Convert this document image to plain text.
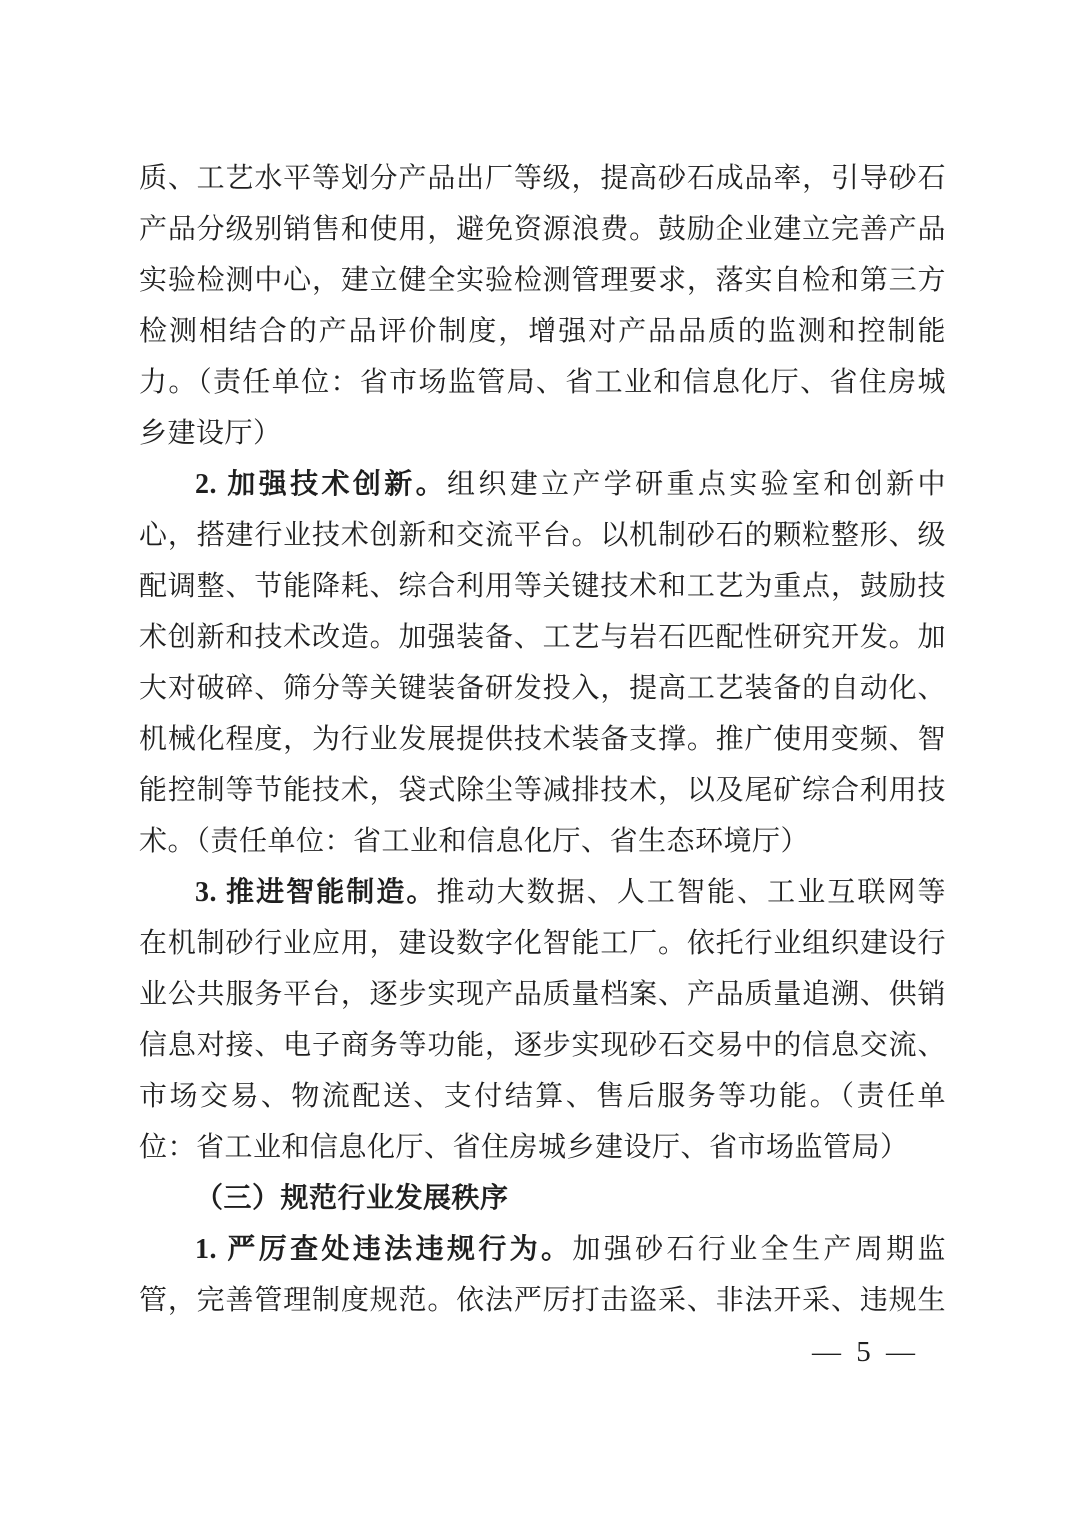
质、工艺水平等划分产品出厂等级，提高砂石成品率，引导砂石
产品分级别销售和使用，避免资源浪费。鼓励企业建立完善产品
实验检测中心，建立健全实验检测管理要求，落实自检和第三方
检测相结合的产品评价制度，增强对产品品质的监测和控制能
力。（责任单位：省市场监管局、省工业和信息化厅、省住房城
乡建设厅）
2. 加强技术创新。组织建立产学研重点实验室和创新中
心，搭建行业技术创新和交流平台。以机制砂石的颗粒整形、级
配调整、节能降耗、综合利用等关键技术和工艺为重点，鼓励技
术创新和技术改造。加强装备、工艺与岩石匹配性研究开发。加
大对破碎、筛分等关键装备研发投入，提高工艺装备的自动化、
机械化程度，为行业发展提供技术装备支撑。推广使用变频、智
能控制等节能技术，袋式除尘等减排技术，以及尾矿综合利用技
术。（责任单位：省工业和信息化厅、省生态环境厅）
3. 推进智能制造。推动大数据、人工智能、工业互联网等
在机制砂行业应用，建设数字化智能工厂。依托行业组织建设行
业公共服务平台，逐步实现产品质量档案、产品质量追溯、供销
信息对接、电子商务等功能，逐步实现砂石交易中的信息交流、
市场交易、物流配送、支付结算、售后服务等功能。（责任单
位：省工业和信息化厅、省住房城乡建设厅、省市场监管局）
（三）规范行业发展秩序
1. 严厉查处违法违规行为。加强砂石行业全生产周期监
管，完善管理制度规范。依法严厉打击盗采、非法开采、违规生
— 5 —
